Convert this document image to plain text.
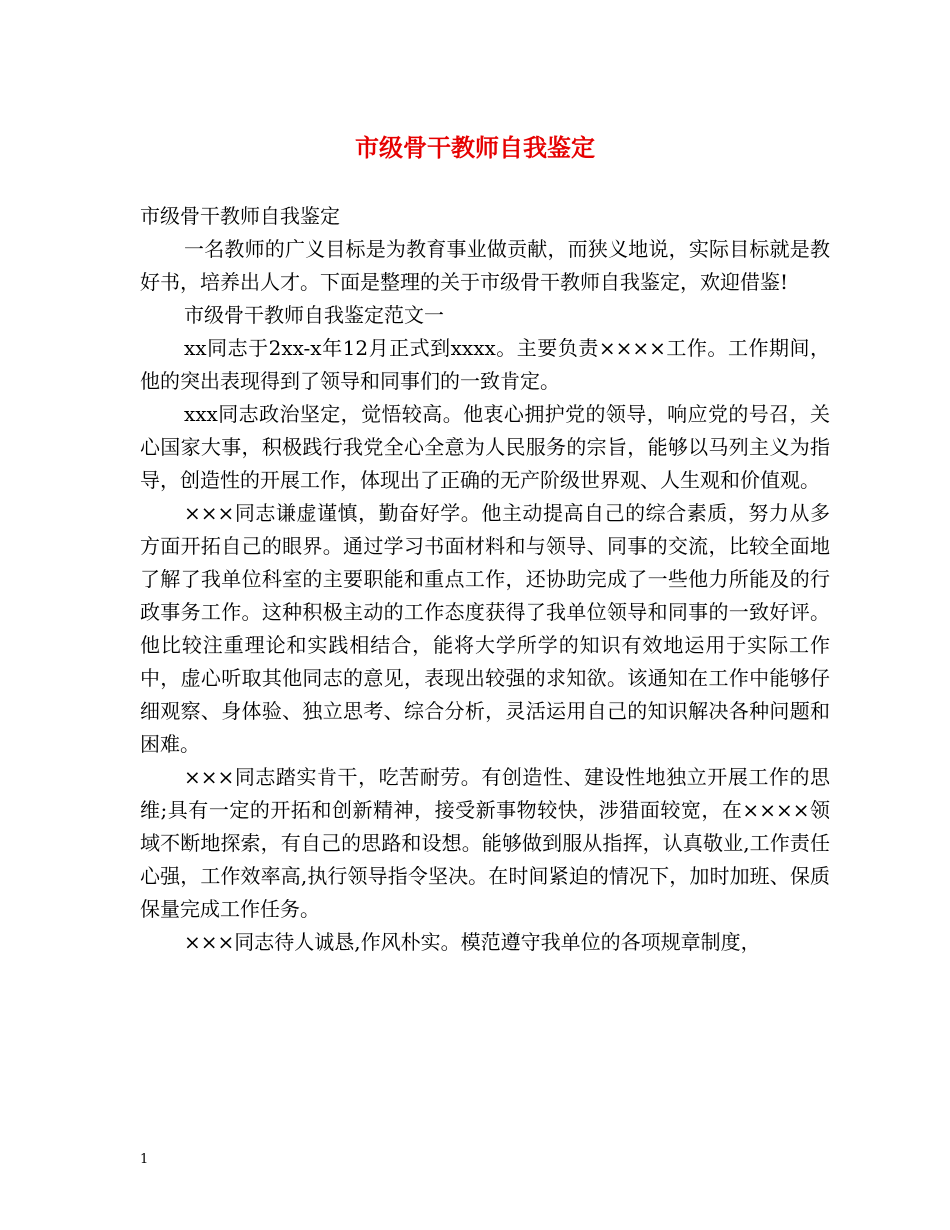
市级骨干教师自我鉴定

市级骨干教师自我鉴定

一名教师的广义目标是为教育事业做贡献，而狭义地说，实际目标就是教好书，培养出人才。下面是整理的关于市级骨干教师自我鉴定，欢迎借鉴!

市级骨干教师自我鉴定范文一

xx同志于2xx-x年12月正式到xxxx。主要负责××××工作。工作期间，他的突出表现得到了领导和同事们的一致肯定。

xxx同志政治坚定，觉悟较高。他衷心拥护党的领导，响应党的号召，关心国家大事，积极践行我党全心全意为人民服务的宗旨，能够以马列主义为指导，创造性的开展工作，体现出了正确的无产阶级世界观、人生观和价值观。

×××同志谦虚谨慎，勤奋好学。他主动提高自己的综合素质，努力从多方面开拓自己的眼界。通过学习书面材料和与领导、同事的交流，比较全面地了解了我单位科室的主要职能和重点工作，还协助完成了一些他力所能及的行政事务工作。这种积极主动的工作态度获得了我单位领导和同事的一致好评。他比较注重理论和实践相结合，能将大学所学的知识有效地运用于实际工作中，虚心听取其他同志的意见，表现出较强的求知欲。该通知在工作中能够仔细观察、身体验、独立思考、综合分析，灵活运用自己的知识解决各种问题和困难。

×××同志踏实肯干，吃苦耐劳。有创造性、建设性地独立开展工作的思维;具有一定的开拓和创新精神，接受新事物较快，涉猎面较宽，在××××领域不断地探索，有自己的思路和设想。能够做到服从指挥，认真敬业,工作责任心强，工作效率高,执行领导指令坚决。在时间紧迫的情况下，加时加班、保质保量完成工作任务。

×××同志待人诚恳,作风朴实。模范遵守我单位的各项规章制度，

1
